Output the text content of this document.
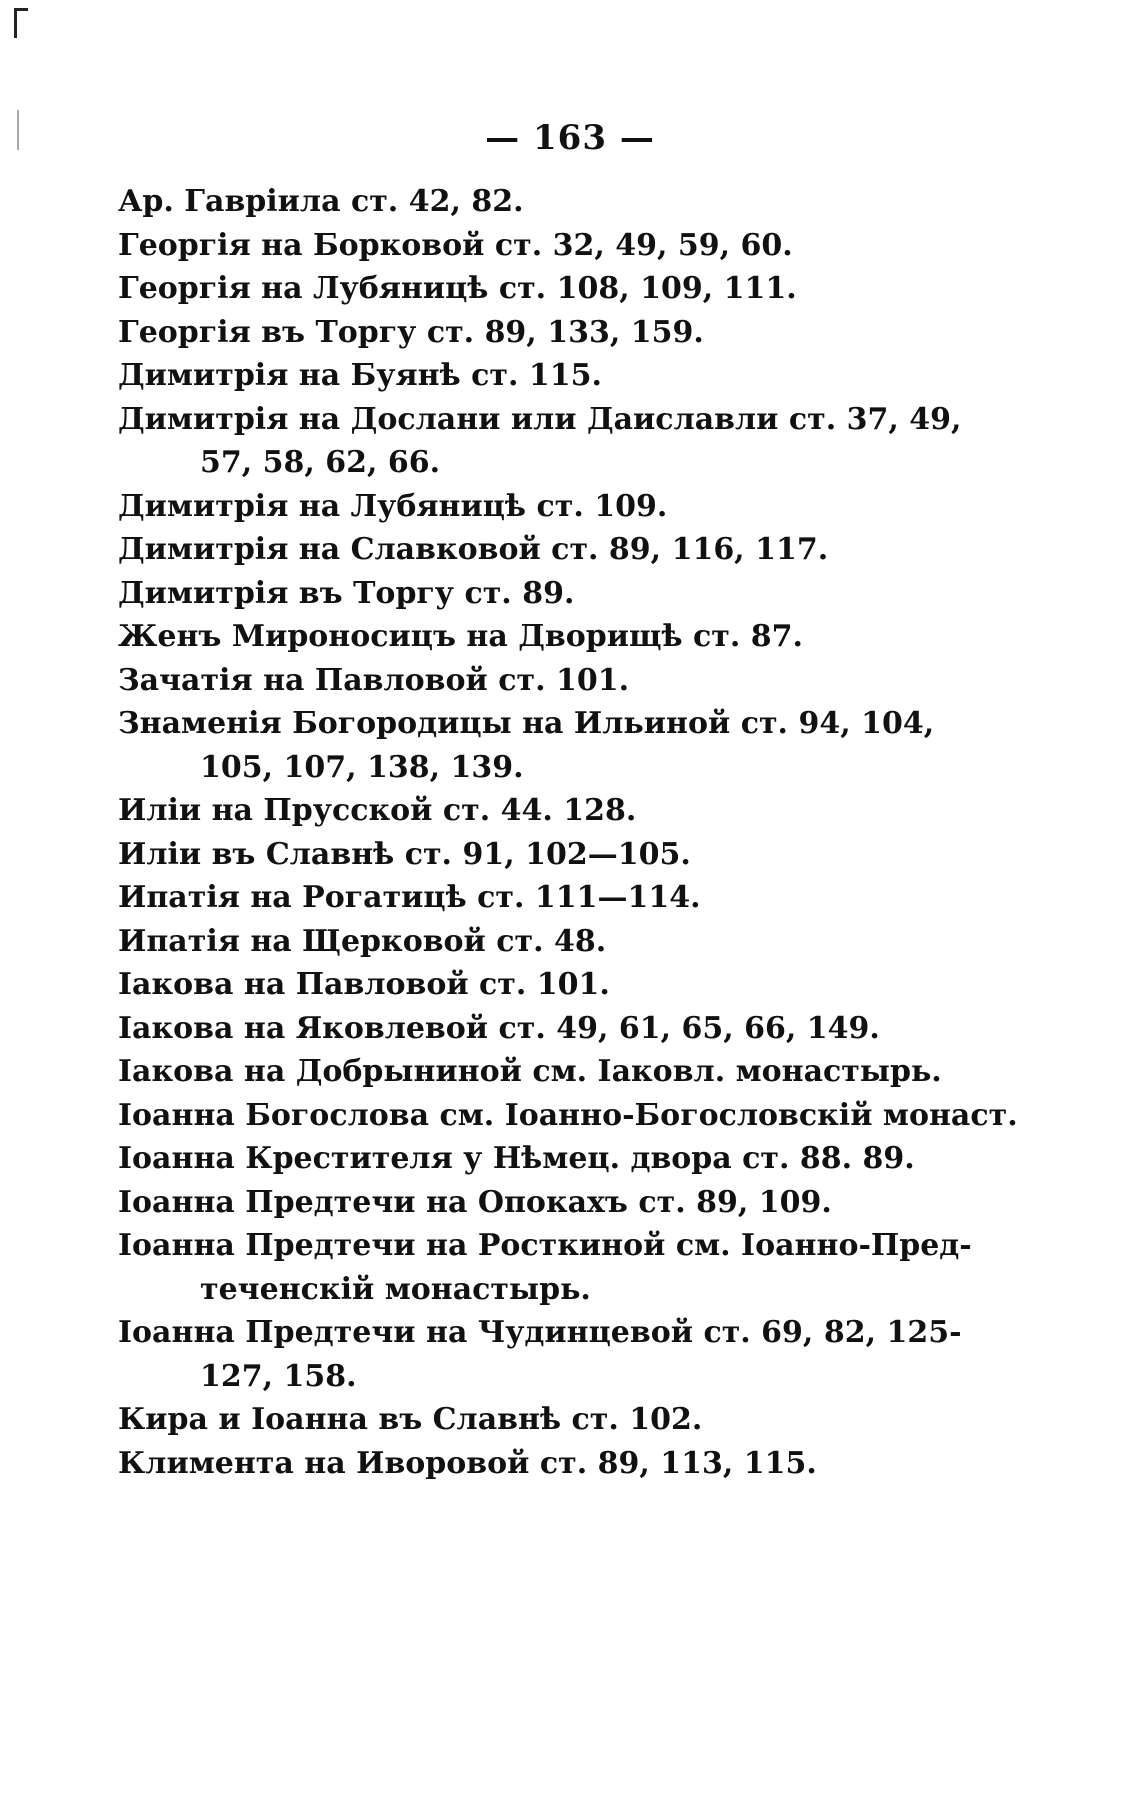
— 163 —
Ар. Гаврiила ст. 42, 82.
Георгiя на Борковой ст. 32, 49, 59, 60.
Георгiя на Лубяницѣ ст. 108, 109, 111.
Георгiя въ Торгу ст. 89, 133, 159.
Димитрiя на Буянѣ ст. 115.
Димитрiя на Дослани или Даиславли ст. 37, 49,
57, 58, 62, 66.
Димитрiя на Лубяницѣ ст. 109.
Димитрiя на Славковой ст. 89, 116, 117.
Димитрiя въ Торгу ст. 89.
Женъ Мироносицъ на Дворищѣ ст. 87.
Зачатiя на Павловой ст. 101.
Знаменiя Богородицы на Ильиной ст. 94, 104,
105, 107, 138, 139.
Илiи на Прусской ст. 44. 128.
Илiи въ Славнѣ ст. 91, 102—105.
Ипатiя на Рогатицѣ ст. 111—114.
Ипатiя на Щерковой ст. 48.
Iакова на Павловой ст. 101.
Iакова на Яковлевой ст. 49, 61, 65, 66, 149.
Iакова на Добрыниной см. Iаковл. монастырь.
Iоанна Богослова см. Iоанно-Богословскiй монаст.
Iоанна Крестителя у Нѣмец. двора ст. 88. 89.
Iоанна Предтечи на Опокахъ ст. 89, 109.
Iоанна Предтечи на Росткиной см. Iоанно-Пред-
теченскiй монастырь.
Iоанна Предтечи на Чудинцевой ст. 69, 82, 125-
127, 158.
Кира и Iоанна въ Славнѣ ст. 102.
Климента на Иворовой ст. 89, 113, 115.
